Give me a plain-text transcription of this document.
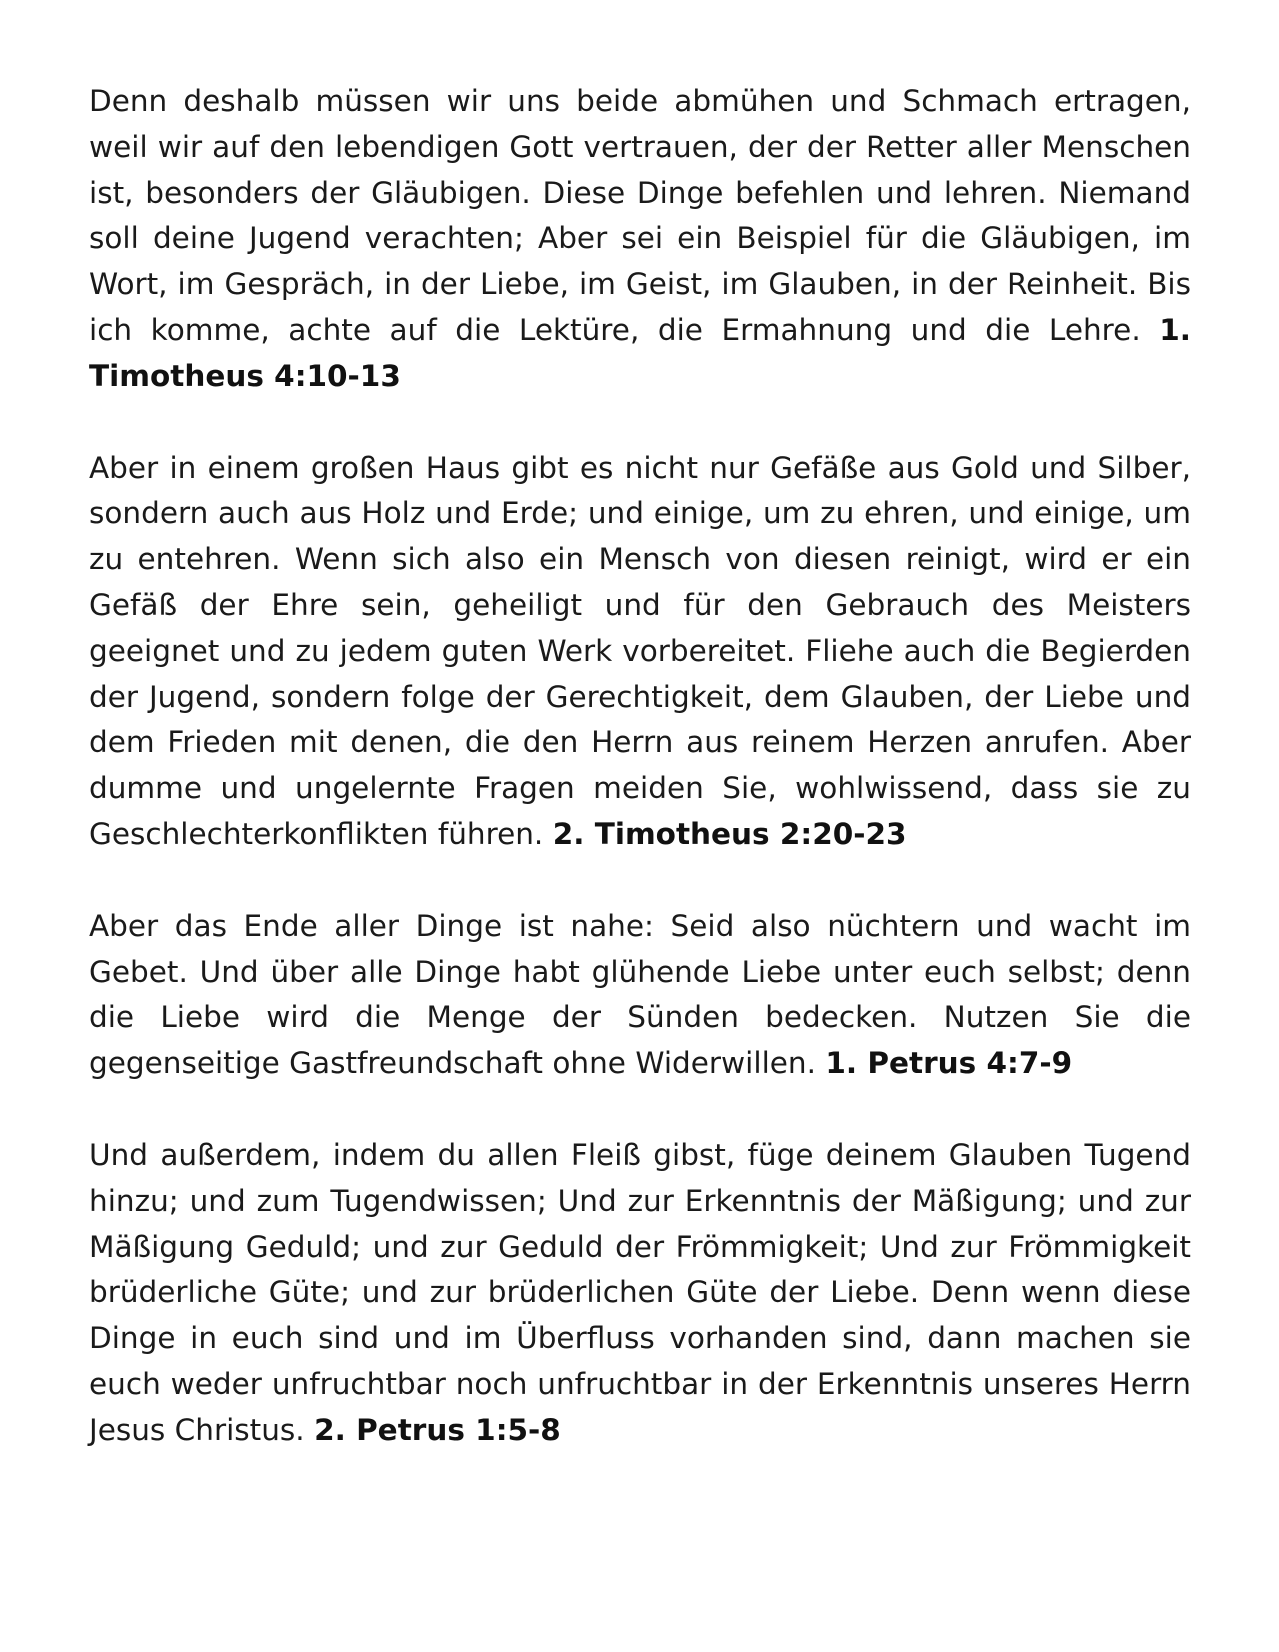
Denn deshalb müssen wir uns beide abmühen und Schmach ertragen, weil wir auf den lebendigen Gott vertrauen, der der Retter aller Menschen ist, besonders der Gläubigen. Diese Dinge befehlen und lehren. Niemand soll deine Jugend verachten; Aber sei ein Beispiel für die Gläubigen, im Wort, im Gespräch, in der Liebe, im Geist, im Glauben, in der Reinheit. Bis ich komme, achte auf die Lektüre, die Ermahnung und die Lehre. 1. Timotheus 4:10-13

Aber in einem großen Haus gibt es nicht nur Gefäße aus Gold und Silber, sondern auch aus Holz und Erde; und einige, um zu ehren, und einige, um zu entehren. Wenn sich also ein Mensch von diesen reinigt, wird er ein Gefäß der Ehre sein, geheiligt und für den Gebrauch des Meisters geeignet und zu jedem guten Werk vorbereitet. Fliehe auch die Begierden der Jugend, sondern folge der Gerechtigkeit, dem Glauben, der Liebe und dem Frieden mit denen, die den Herrn aus reinem Herzen anrufen. Aber dumme und ungelernte Fragen meiden Sie, wohlwissend, dass sie zu Geschlechterkonflikten führen. 2. Timotheus 2:20-23

Aber das Ende aller Dinge ist nahe: Seid also nüchtern und wacht im Gebet. Und über alle Dinge habt glühende Liebe unter euch selbst; denn die Liebe wird die Menge der Sünden bedecken. Nutzen Sie die gegenseitige Gastfreundschaft ohne Widerwillen. 1. Petrus 4:7-9

Und außerdem, indem du allen Fleiß gibst, füge deinem Glauben Tugend hinzu; und zum Tugendwissen; Und zur Erkenntnis der Mäßigung; und zur Mäßigung Geduld; und zur Geduld der Frömmigkeit; Und zur Frömmigkeit brüderliche Güte; und zur brüderlichen Güte der Liebe. Denn wenn diese Dinge in euch sind und im Überfluss vorhanden sind, dann machen sie euch weder unfruchtbar noch unfruchtbar in der Erkenntnis unseres Herrn Jesus Christus. 2. Petrus 1:5-8
